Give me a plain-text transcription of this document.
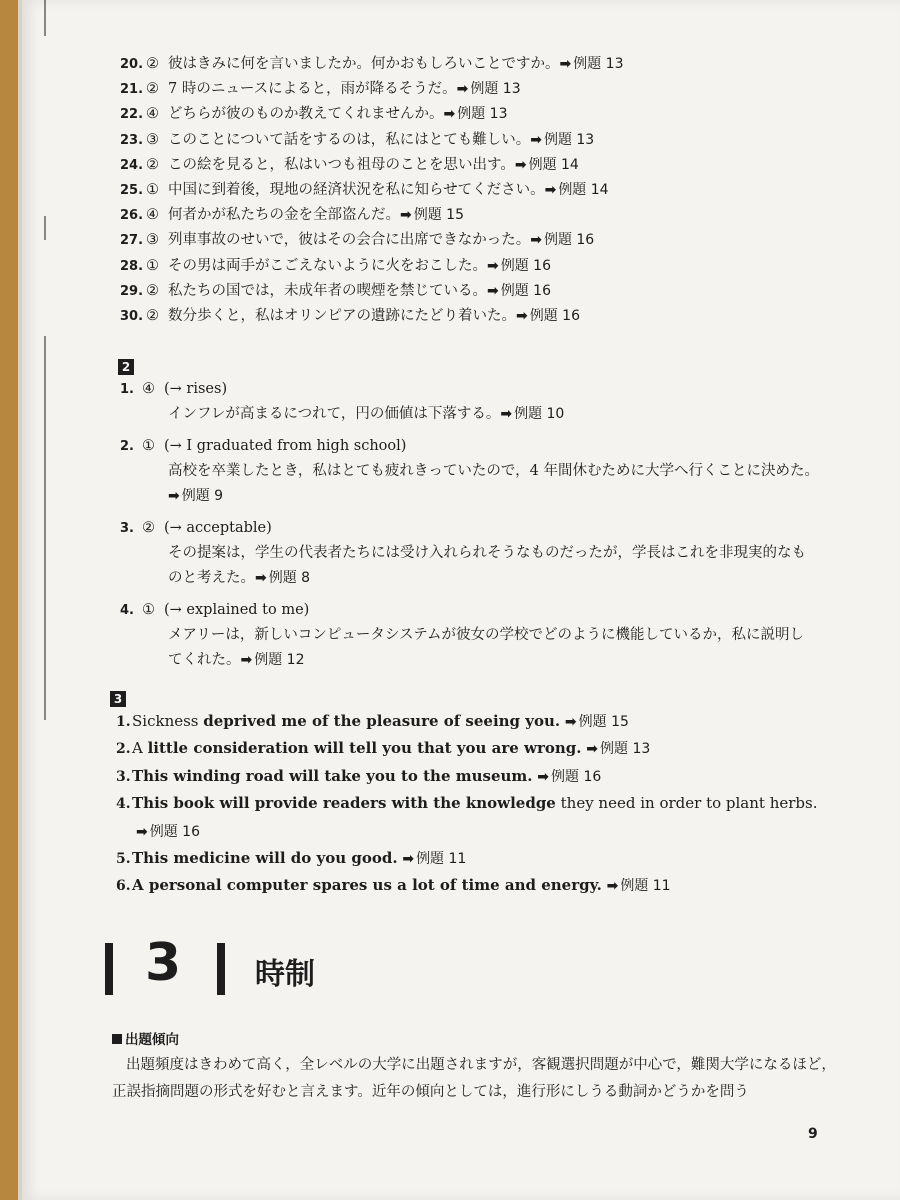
20. ② 彼はきみに何を言いましたか。何かおもしろいことですか。➡ 例題 13
21. ② 7 時のニュースによると，雨が降るそうだ。➡ 例題 13
22. ④ どちらが彼のものか教えてくれませんか。➡ 例題 13
23. ③ このことについて話をするのは，私にはとても難しい。➡ 例題 13
24. ② この絵を見ると，私はいつも祖母のことを思い出す。➡ 例題 14
25. ① 中国に到着後，現地の経済状況を私に知らせてください。➡ 例題 14
26. ④ 何者かが私たちの金を全部盗んだ。➡ 例題 15
27. ③ 列車事故のせいで，彼はその会合に出席できなかった。➡ 例題 16
28. ① その男は両手がこごえないように火をおこした。➡ 例題 16
29. ② 私たちの国では，未成年者の喫煙を禁じている。➡ 例題 16
30. ② 数分歩くと，私はオリンピアの遺跡にたどり着いた。➡ 例題 16
2
1. ④ (→ rises)
インフレが高まるにつれて，円の価値は下落する。➡ 例題 10
2. ① (→ I graduated from high school)
高校を卒業したとき，私はとても疲れきっていたので，4 年間休むために大学へ行くことに決めた。
➡ 例題 9
3. ② (→ acceptable)
その提案は，学生の代表者たちには受け入れられそうなものだったが，学長はこれを非現実的なも
のと考えた。➡ 例題 8
4. ① (→ explained to me)
メアリーは，新しいコンピュータシステムが彼女の学校でどのように機能しているか，私に説明し
てくれた。➡ 例題 12
3
1.Sickness deprived me of the pleasure of seeing you. ➡ 例題 15
2.A little consideration will tell you that you are wrong. ➡ 例題 13
3.This winding road will take you to the museum. ➡ 例題 16
4.This book will provide readers with the knowledge they need in order to plant herbs.
➡ 例題 16
5.This medicine will do you good. ➡ 例題 11
6.A personal computer spares us a lot of time and energy. ➡ 例題 11
3 時制
出題傾向
出題頻度はきわめて高く，全レベルの大学に出題されますが，客観選択問題が中心で，難関大学になるほど，正誤指摘問題の形式を好むと言えます。近年の傾向としては，進行形にしうる動詞かどうかを問う
9
